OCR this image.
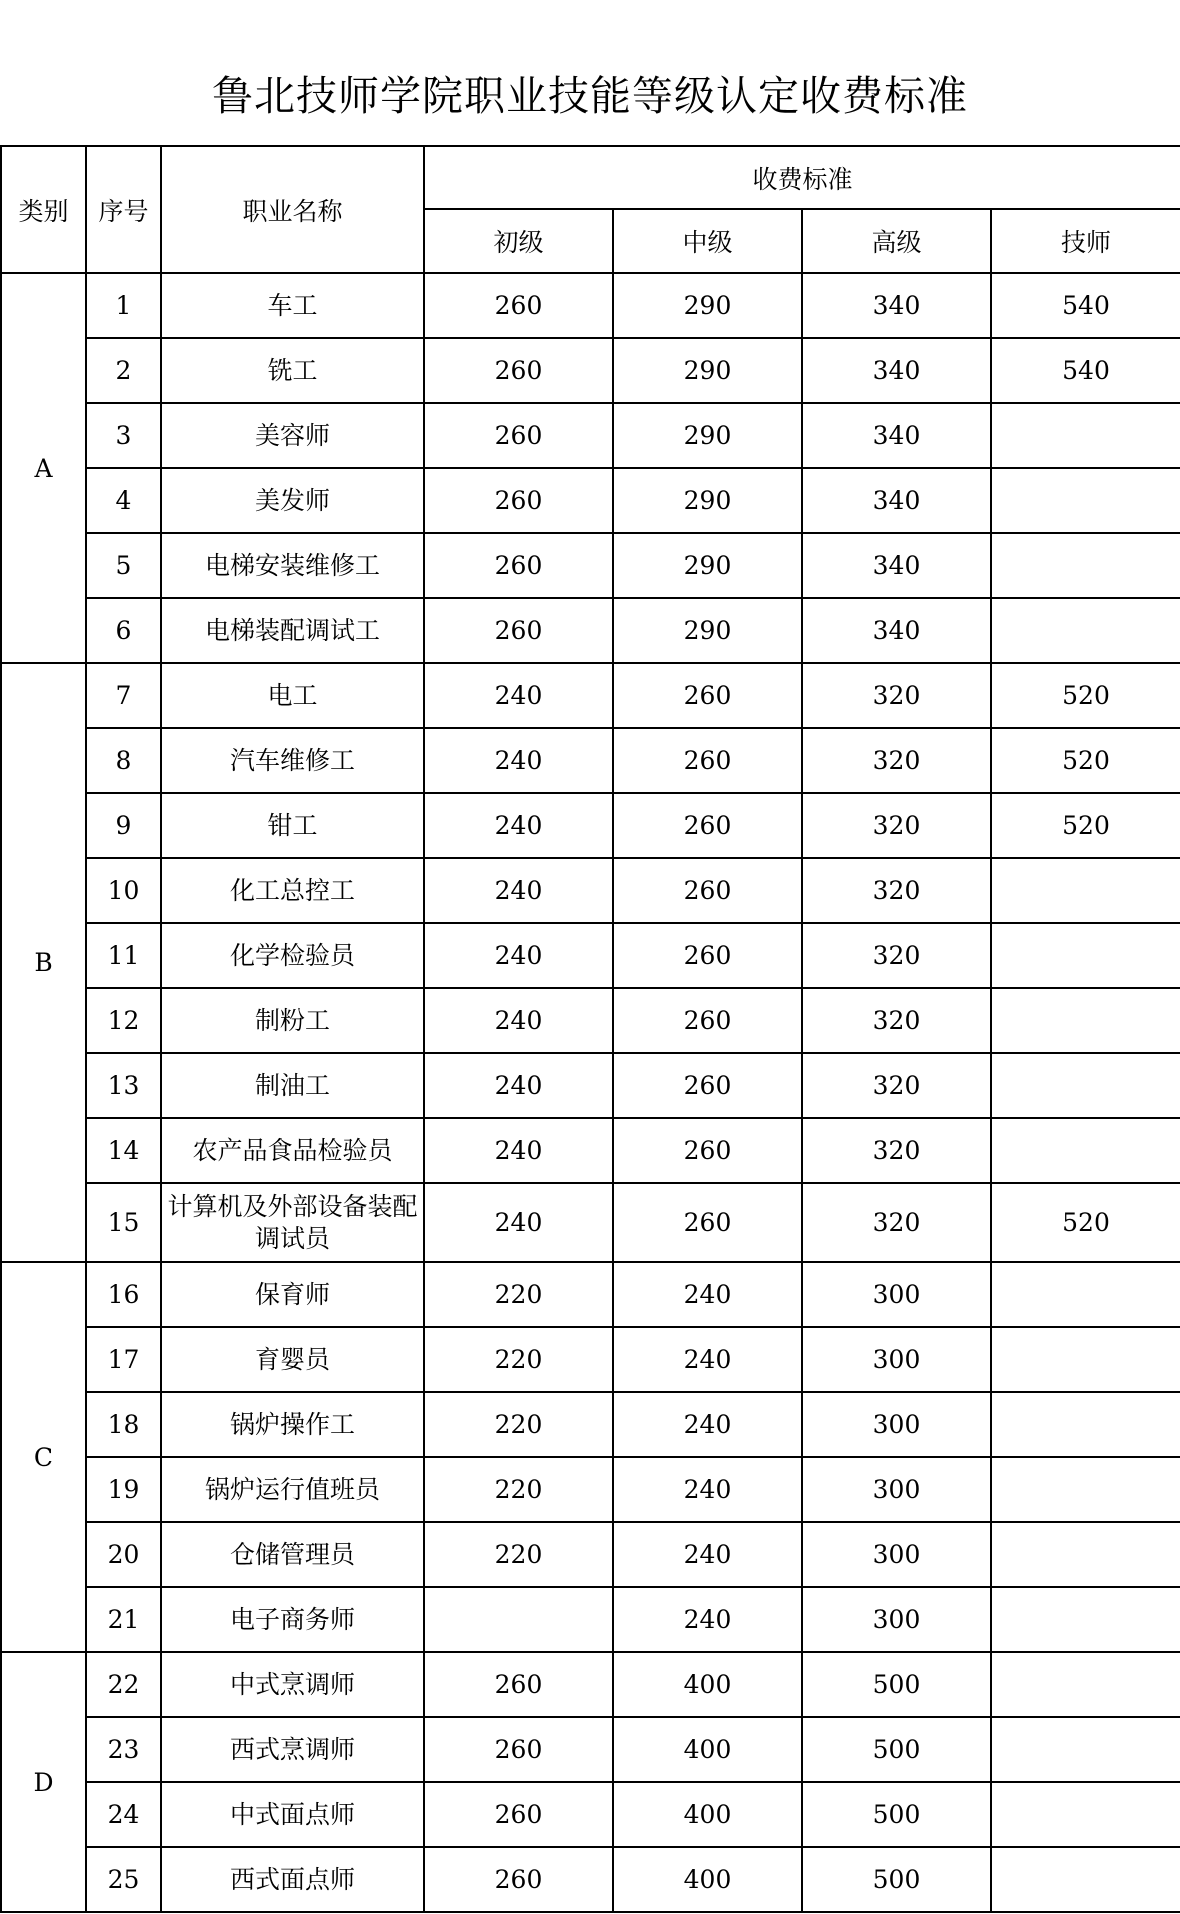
鲁北技师学院职业技能等级认定收费标准
类别	序号	职业名称	收费标准			
			初级	中级	高级	技师
A	1	车工	260	290	340	540
	2	铣工	260	290	340	540
	3	美容师	260	290	340	
	4	美发师	260	290	340	
	5	电梯安装维修工	260	290	340	
	6	电梯装配调试工	260	290	340	
B	7	电工	240	260	320	520
	8	汽车维修工	240	260	320	520
	9	钳工	240	260	320	520
	10	化工总控工	240	260	320	
	11	化学检验员	240	260	320	
	12	制粉工	240	260	320	
	13	制油工	240	260	320	
	14	农产品食品检验员	240	260	320	
	15	计算机及外部设备装配调试员	240	260	320	520
C	16	保育师	220	240	300	
	17	育婴员	220	240	300	
	18	锅炉操作工	220	240	300	
	19	锅炉运行值班员	220	240	300	
	20	仓储管理员	220	240	300	
	21	电子商务师		240	300	
D	22	中式烹调师	260	400	500	
	23	西式烹调师	260	400	500	
	24	中式面点师	260	400	500	
	25	西式面点师	260	400	500	
